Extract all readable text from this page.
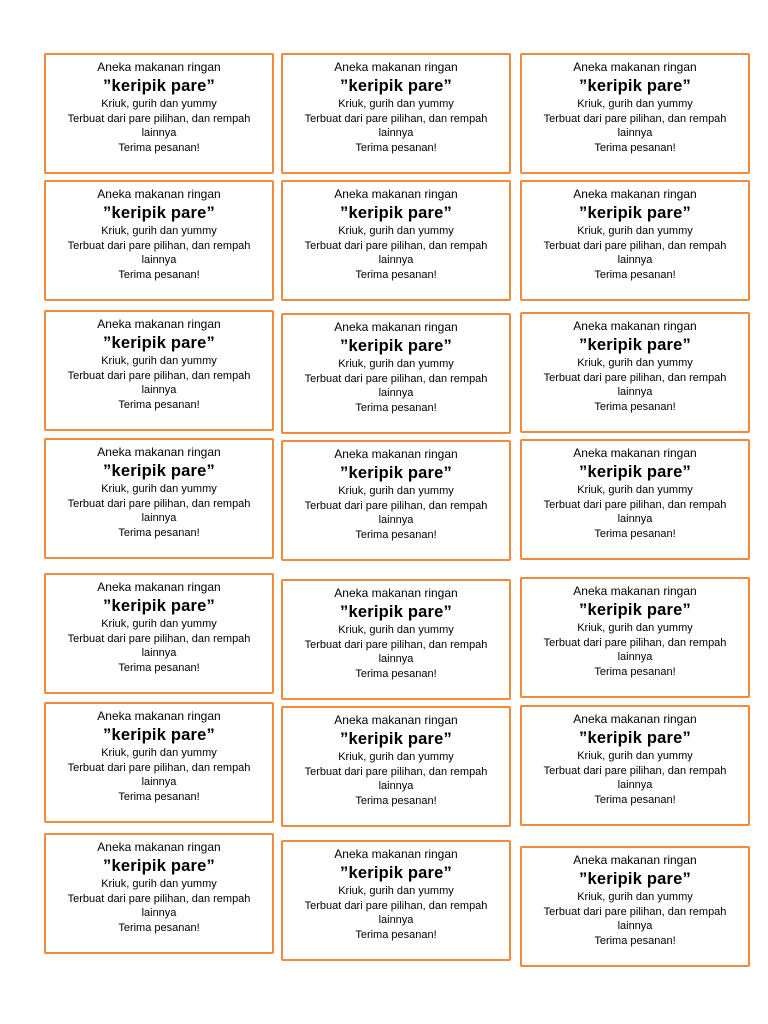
Aneka makanan ringan
”keripik pare”
Kriuk, gurih dan yummy
Terbuat dari pare pilihan, dan rempah lainnya
Terima pesanan!
Aneka makanan ringan
”keripik pare”
Kriuk, gurih dan yummy
Terbuat dari pare pilihan, dan rempah lainnya
Terima pesanan!
Aneka makanan ringan
”keripik pare”
Kriuk, gurih dan yummy
Terbuat dari pare pilihan, dan rempah lainnya
Terima pesanan!
Aneka makanan ringan
”keripik pare”
Kriuk, gurih dan yummy
Terbuat dari pare pilihan, dan rempah lainnya
Terima pesanan!
Aneka makanan ringan
”keripik pare”
Kriuk, gurih dan yummy
Terbuat dari pare pilihan, dan rempah lainnya
Terima pesanan!
Aneka makanan ringan
”keripik pare”
Kriuk, gurih dan yummy
Terbuat dari pare pilihan, dan rempah lainnya
Terima pesanan!
Aneka makanan ringan
”keripik pare”
Kriuk, gurih dan yummy
Terbuat dari pare pilihan, dan rempah lainnya
Terima pesanan!
Aneka makanan ringan
”keripik pare”
Kriuk, gurih dan yummy
Terbuat dari pare pilihan, dan rempah lainnya
Terima pesanan!
Aneka makanan ringan
”keripik pare”
Kriuk, gurih dan yummy
Terbuat dari pare pilihan, dan rempah lainnya
Terima pesanan!
Aneka makanan ringan
”keripik pare”
Kriuk, gurih dan yummy
Terbuat dari pare pilihan, dan rempah lainnya
Terima pesanan!
Aneka makanan ringan
”keripik pare”
Kriuk, gurih dan yummy
Terbuat dari pare pilihan, dan rempah lainnya
Terima pesanan!
Aneka makanan ringan
”keripik pare”
Kriuk, gurih dan yummy
Terbuat dari pare pilihan, dan rempah lainnya
Terima pesanan!
Aneka makanan ringan
”keripik pare”
Kriuk, gurih dan yummy
Terbuat dari pare pilihan, dan rempah lainnya
Terima pesanan!
Aneka makanan ringan
”keripik pare”
Kriuk, gurih dan yummy
Terbuat dari pare pilihan, dan rempah lainnya
Terima pesanan!
Aneka makanan ringan
”keripik pare”
Kriuk, gurih dan yummy
Terbuat dari pare pilihan, dan rempah lainnya
Terima pesanan!
Aneka makanan ringan
”keripik pare”
Kriuk, gurih dan yummy
Terbuat dari pare pilihan, dan rempah lainnya
Terima pesanan!
Aneka makanan ringan
”keripik pare”
Kriuk, gurih dan yummy
Terbuat dari pare pilihan, dan rempah lainnya
Terima pesanan!
Aneka makanan ringan
”keripik pare”
Kriuk, gurih dan yummy
Terbuat dari pare pilihan, dan rempah lainnya
Terima pesanan!
Aneka makanan ringan
”keripik pare”
Kriuk, gurih dan yummy
Terbuat dari pare pilihan, dan rempah lainnya
Terima pesanan!
Aneka makanan ringan
”keripik pare”
Kriuk, gurih dan yummy
Terbuat dari pare pilihan, dan rempah lainnya
Terima pesanan!
Aneka makanan ringan
”keripik pare”
Kriuk, gurih dan yummy
Terbuat dari pare pilihan, dan rempah lainnya
Terima pesanan!
